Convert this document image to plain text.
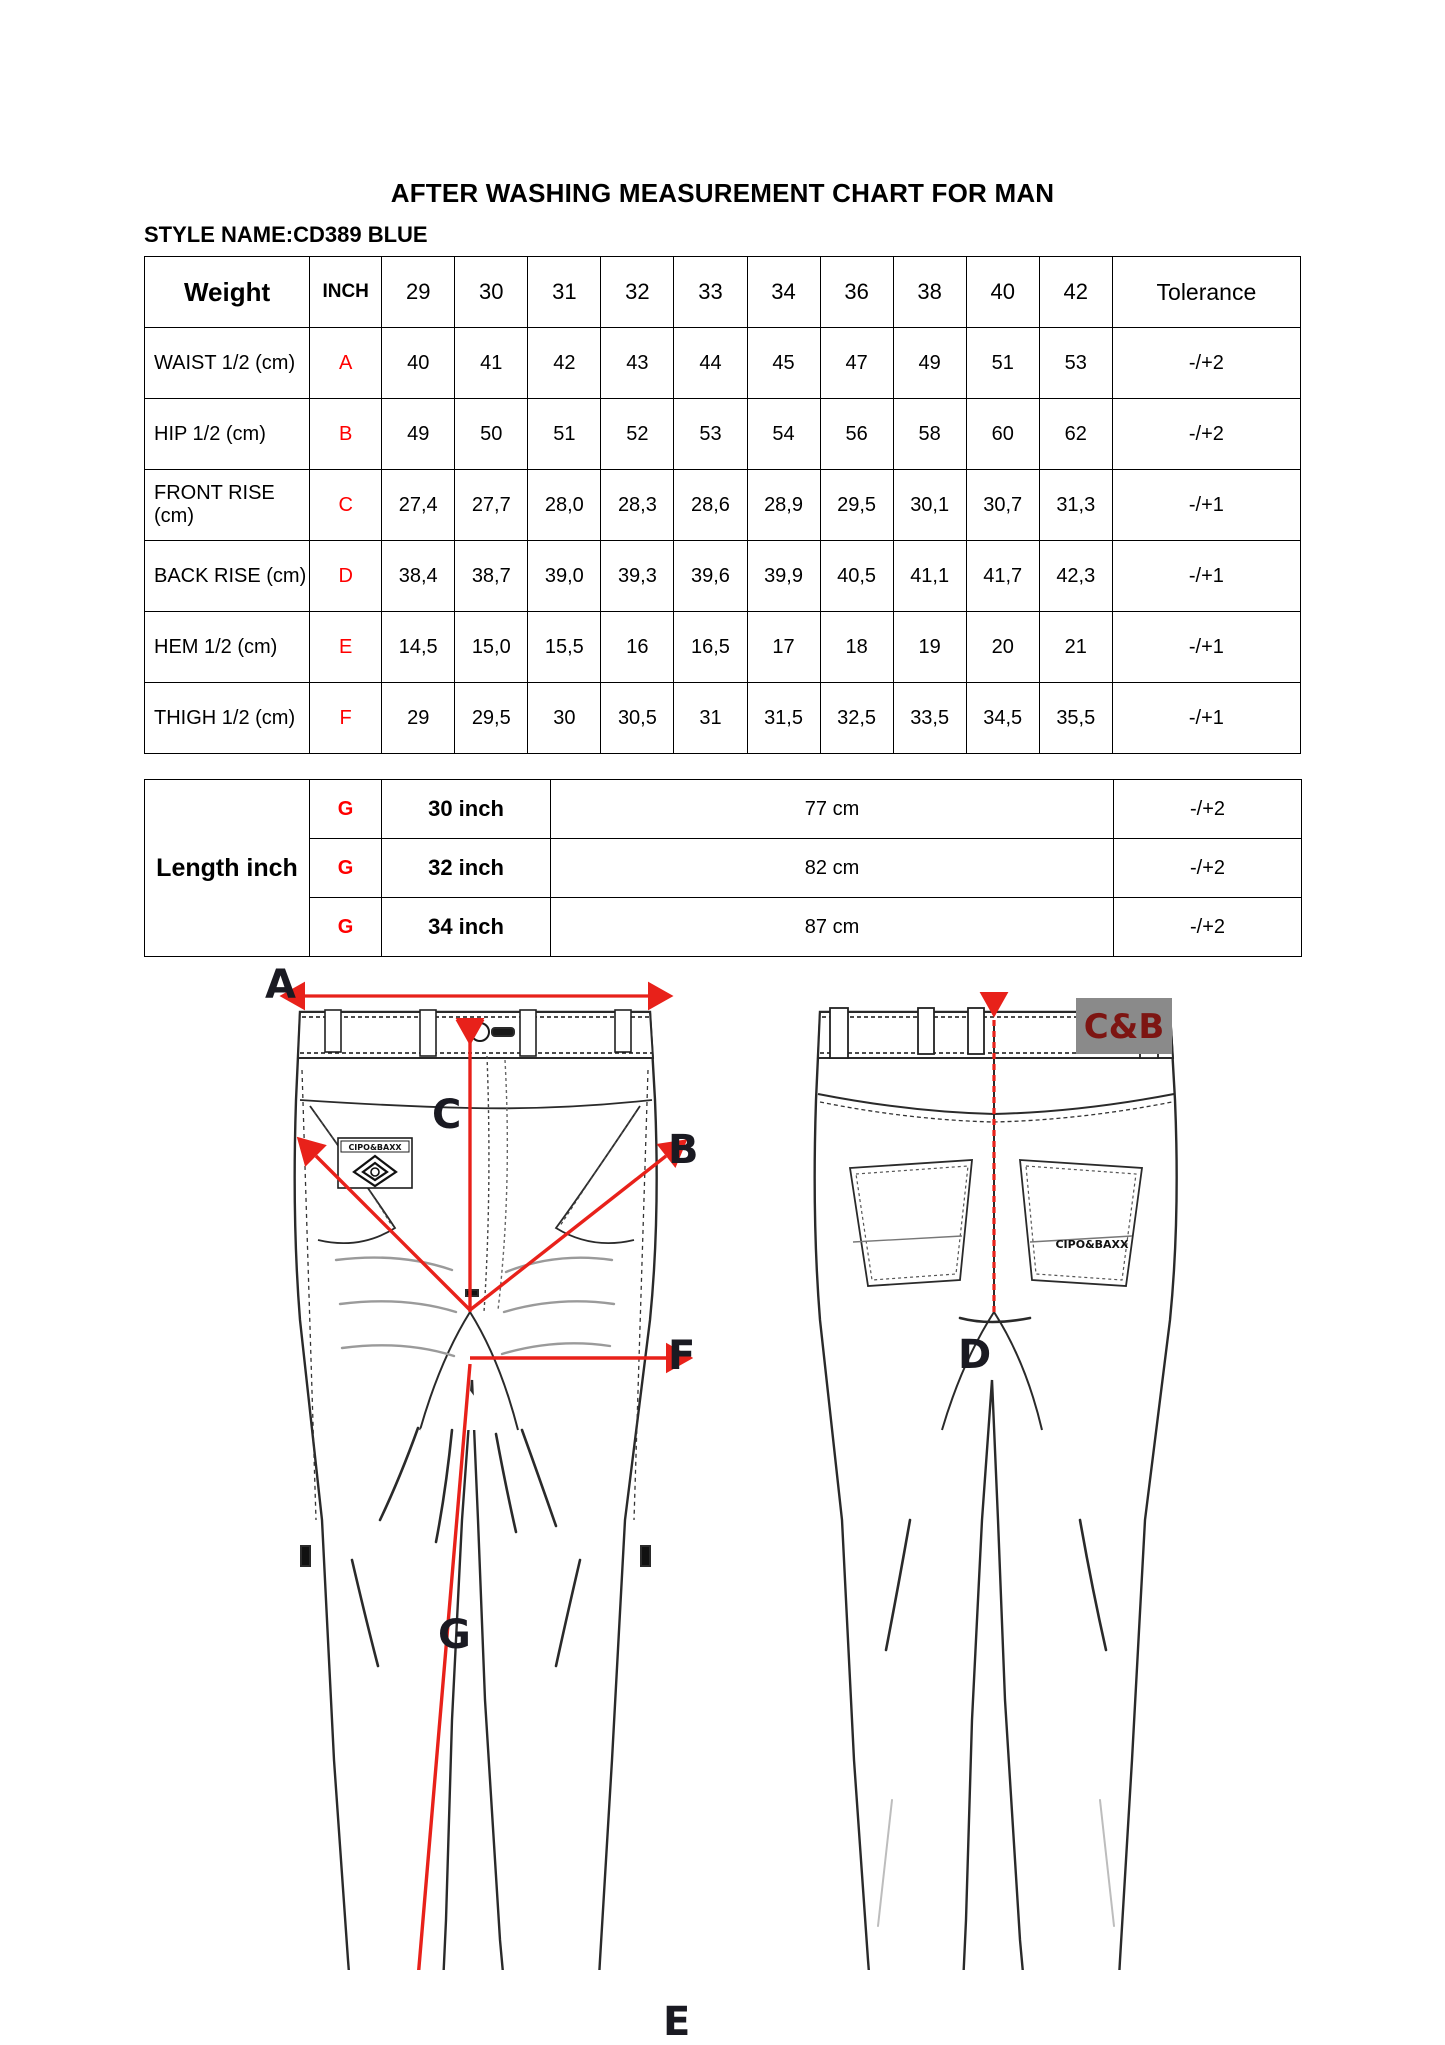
AFTER WASHING MEASUREMENT CHART FOR MAN
STYLE NAME:CD389 BLUE
Weight	INCH	29	30	31	32	33	34	36	38	40	42	Tolerance
WAIST 1/2 (cm)	A	40	41	42	43	44	45	47	49	51	53	-/+2
HIP 1/2 (cm)	B	49	50	51	52	53	54	56	58	60	62	-/+2
FRONT RISE (cm)	C	27,4	27,7	28,0	28,3	28,6	28,9	29,5	30,1	30,7	31,3	-/+1
BACK RISE (cm)	D	38,4	38,7	39,0	39,3	39,6	39,9	40,5	41,1	41,7	42,3	-/+1
HEM 1/2 (cm)	E	14,5	15,0	15,5	16	16,5	17	18	19	20	21	-/+1
THIGH 1/2 (cm)	F	29	29,5	30	30,5	31	31,5	32,5	33,5	34,5	35,5	-/+1
Length inch	G	30 inch	77 cm	-/+2
	G	32 inch	82 cm	-/+2
	G	34 inch	87 cm	-/+2
CIPO&BAXX
C&B
CIPO&BAXX
A
C
B
F
G
E
D
